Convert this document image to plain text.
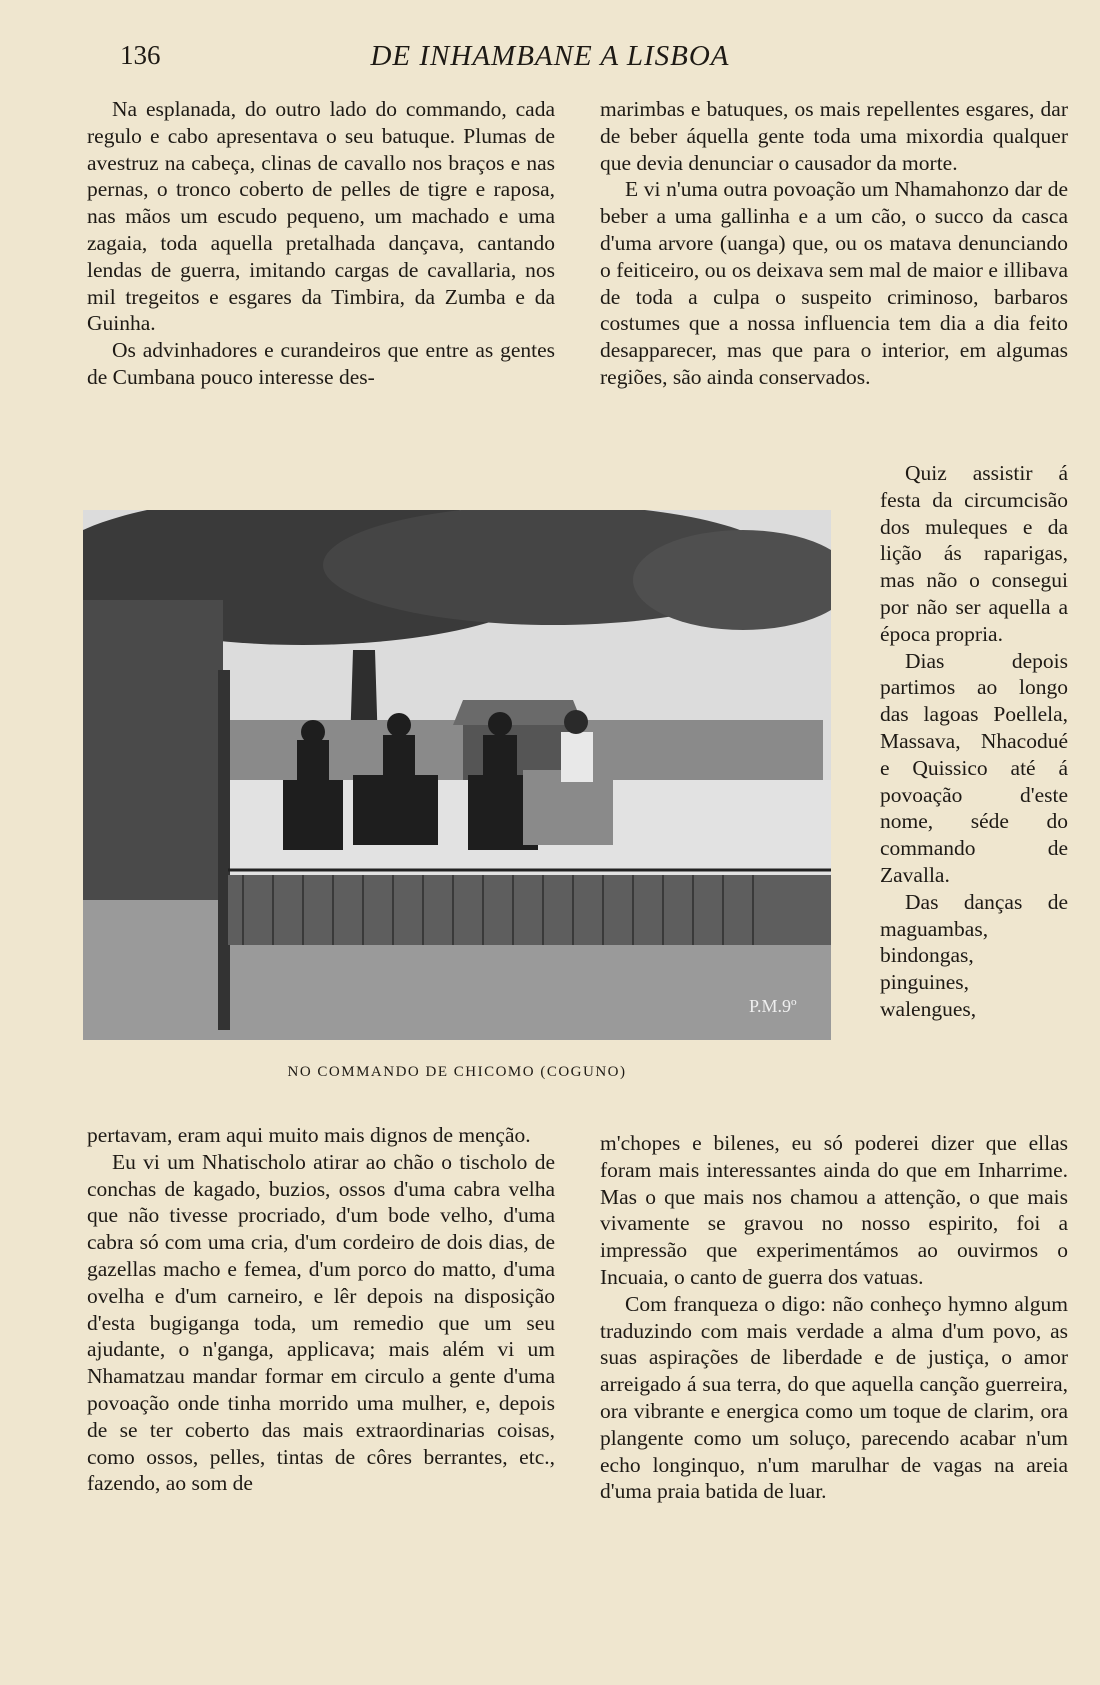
136	DE INHAMBANE A LISBOA

Na esplanada, do outro lado do commando, cada regulo e cabo apresentava o seu batuque. Plumas de avestruz na cabeça, clinas de cavallo nos braços e nas pernas, o tronco coberto de pelles de tigre e raposa, nas mãos um escudo pequeno, um machado e uma zagaia, toda aquella pretalhada dançava, cantando lendas de guerra, imitando cargas de cavallaria, nos mil tregeitos e esgares da Timbira, da Zumba e da Guinha.

Os advinhadores e curandeiros que entre as gentes de Cumbana pouco interesse des-

marimbas e batuques, os mais repellentes esgares, dar de beber áquella gente toda uma mixordia qualquer que devia denunciar o causador da morte.

E vi n'uma outra povoação um Nhamahonzo dar de beber a uma gallinha e a um cão, o succo da casca d'uma arvore (uanga) que, ou os matava denunciando o feiticeiro, ou os deixava sem mal de maior e illibava de toda a culpa o suspeito criminoso, barbaros costumes que a nossa influencia tem dia a dia feito desapparecer, mas que para o interior, em algumas regiões, são ainda conservados.

Quiz assistir á festa da circumcisão dos muleques e da lição ás raparigas, mas não o consegui por não ser aquella a época propria.

Dias depois partimos ao longo das lagoas Poellela, Massava, Nhacodué e Quissico até á povoação d'este nome, séde do commando de Zavalla.

Das danças de maguambas, bindongas, pinguines, walengues,

P.M.9º
NO COMMANDO DE CHICOMO (COGUNO)

pertavam, eram aqui muito mais dignos de menção.

Eu vi um Nhatischolo atirar ao chão o tischolo de conchas de kagado, buzios, ossos d'uma cabra velha que não tivesse procriado, d'um bode velho, d'uma cabra só com uma cria, d'um cordeiro de dois dias, de gazellas macho e femea, d'um porco do matto, d'uma ovelha e d'um carneiro, e lêr depois na disposição d'esta bugiganga toda, um remedio que um seu ajudante, o n'ganga, applicava; mais além vi um Nhamatzau mandar formar em circulo a gente d'uma povoação onde tinha morrido uma mulher, e, depois de se ter coberto das mais extraordinarias coisas, como ossos, pelles, tintas de côres berrantes, etc., fazendo, ao som de

m'chopes e bilenes, eu só poderei dizer que ellas foram mais interessantes ainda do que em Inharrime. Mas o que mais nos chamou a attenção, o que mais vivamente se gravou no nosso espirito, foi a impressão que experimentámos ao ouvirmos o Incuaia, o canto de guerra dos vatuas.

Com franqueza o digo: não conheço hymno algum traduzindo com mais verdade a alma d'um povo, as suas aspirações de liberdade e de justiça, o amor arreigado á sua terra, do que aquella canção guerreira, ora vibrante e energica como um toque de clarim, ora plangente como um soluço, parecendo acabar n'um echo longinquo, n'um marulhar de vagas na areia d'uma praia batida de luar.
